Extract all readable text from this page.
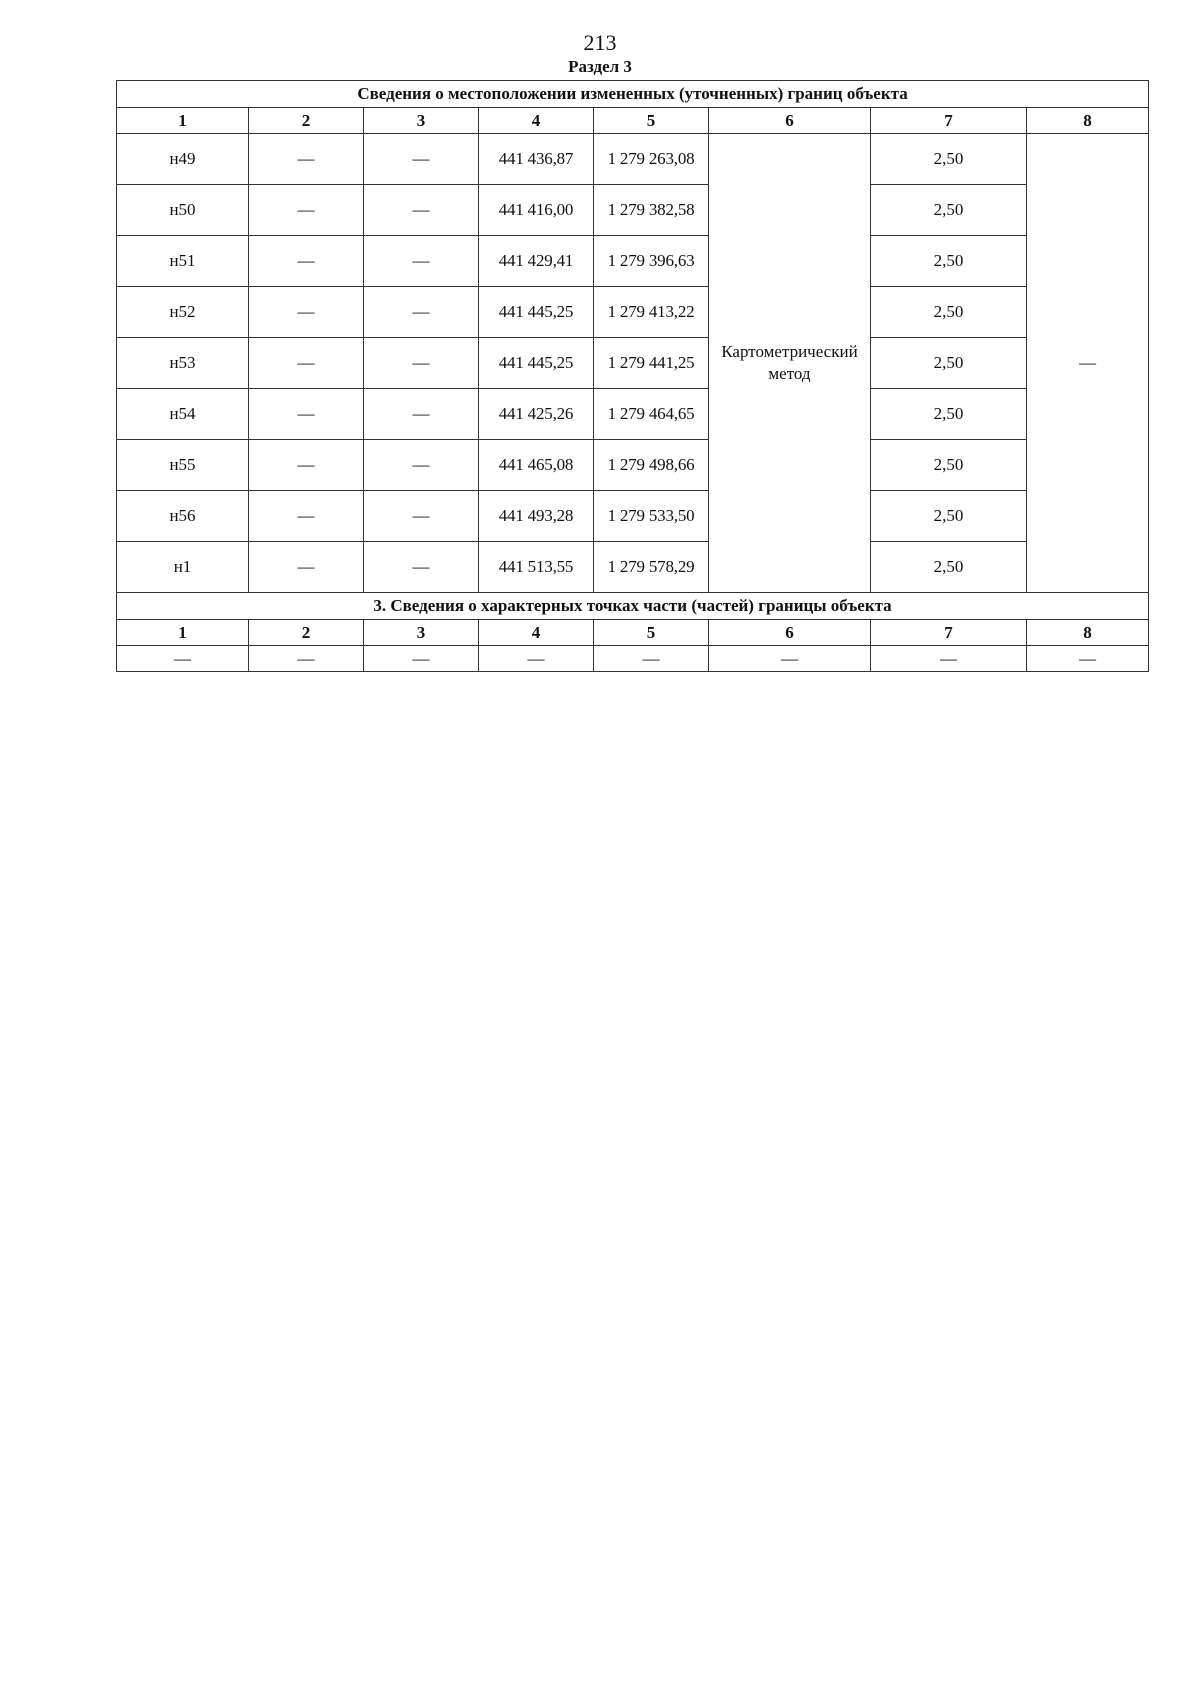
213
Раздел 3
Сведения о местоположении измененных (уточненных) границ объекта							
1	2	3	4	5	6	7	8
н49	—	—	441 436,87	1 279 263,08	Картометрический метод	2,50	—
н50	—	—	441 416,00	1 279 382,58		2,50	
н51	—	—	441 429,41	1 279 396,63		2,50	
н52	—	—	441 445,25	1 279 413,22		2,50	
н53	—	—	441 445,25	1 279 441,25		2,50	
н54	—	—	441 425,26	1 279 464,65		2,50	
н55	—	—	441 465,08	1 279 498,66		2,50	
н56	—	—	441 493,28	1 279 533,50		2,50	
н1	—	—	441 513,55	1 279 578,29		2,50	
3. Сведения о характерных точках части (частей) границы объекта							
1	2	3	4	5	6	7	8
—	—	—	—	—	—	—	—
